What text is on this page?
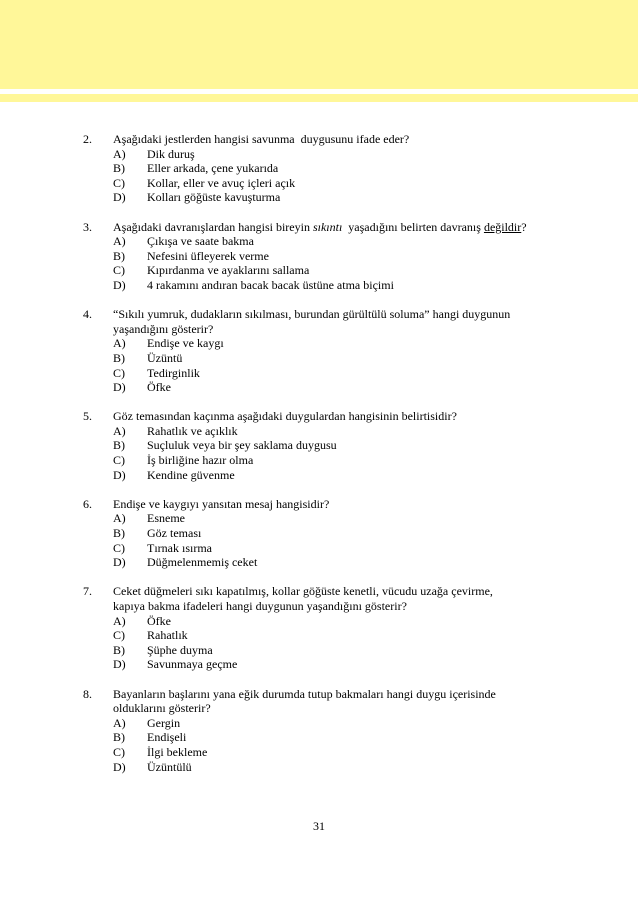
2. Aşağıdaki jestlerden hangisi savunma  duygusunu ifade eder?
A) Dik duruş
B) Eller arkada, çene yukarıda
C) Kollar, eller ve avuç içleri açık
D) Kolları göğüste kavuşturma
3. Aşağıdaki davranışlardan hangisi bireyin sıkıntı  yaşadığını belirten davranış değildir?
A) Çıkışa ve saate bakma
B) Nefesini üfleyerek verme
C) Kıpırdanma ve ayaklarını sallama
D) 4 rakamını andıran bacak bacak üstüne atma biçimi
4. “Sıkılı yumruk, dudakların sıkılması, burundan gürültülü soluma” hangi duygunun
yaşandığını gösterir?
A) Endişe ve kaygı
B) Üzüntü
C) Tedirginlik
D) Öfke
5. Göz temasından kaçınma aşağıdaki duygulardan hangisinin belirtisidir?
A) Rahatlık ve açıklık
B) Suçluluk veya bir şey saklama duygusu
C) İş birliğine hazır olma
D) Kendine güvenme
6. Endişe ve kaygıyı yansıtan mesaj hangisidir?
A) Esneme
B) Göz teması
C) Tırnak ısırma
D) Düğmelenmemiş ceket
7. Ceket düğmeleri sıkı kapatılmış, kollar göğüste kenetli, vücudu uzağa çevirme,
kapıya bakma ifadeleri hangi duygunun yaşandığını gösterir?
A) Öfke
C) Rahatlık
B) Şüphe duyma
D) Savunmaya geçme
8. Bayanların başlarını yana eğik durumda tutup bakmaları hangi duygu içerisinde
olduklarını gösterir?
A) Gergin
B) Endişeli
C) İlgi bekleme
D) Üzüntülü
31
